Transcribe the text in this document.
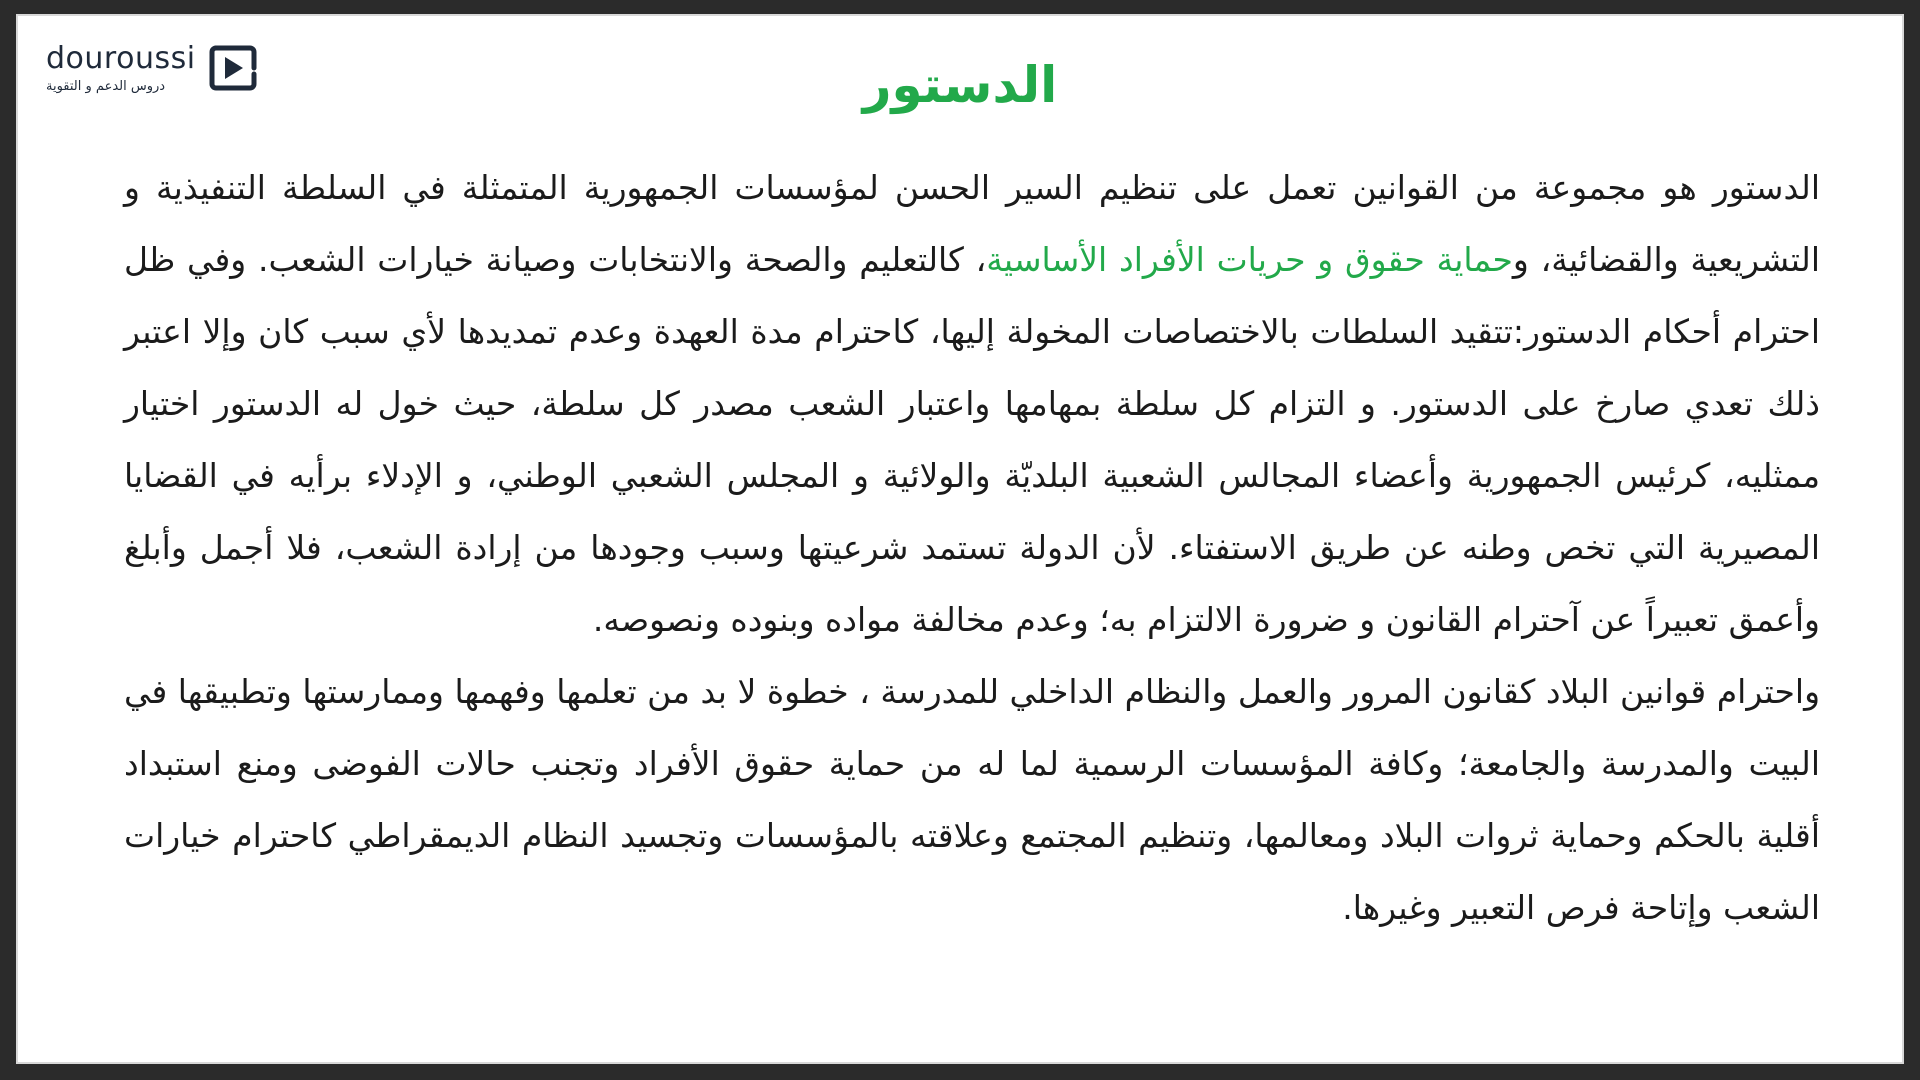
douroussi
دروس الدعم و التقوية	الدستور

الدستور هو مجموعة من القوانين تعمل على تنظيم السير الحسن لمؤسسات الجمهورية المتمثلة في السلطة التنفيذية و التشريعية والقضائية، وحماية حقوق و حريات الأفراد الأساسية، كالتعليم والصحة والانتخابات وصيانة خيارات الشعب. وفي ظل احترام أحكام الدستور:تتقيد السلطات بالاختصاصات المخولة إليها، كاحترام مدة العهدة وعدم تمديدها لأي سبب كان وإلا اعتبر ذلك تعدي صارخ على الدستور. و التزام كل سلطة بمهامها واعتبار الشعب مصدر كل سلطة، حيث خول له الدستور اختيار ممثليه، كرئيس الجمهورية وأعضاء المجالس الشعبية البلديّة والولائية و المجلس الشعبي الوطني، و الإدلاء برأيه في القضايا المصيرية التي تخص وطنه عن طريق الاستفتاء. لأن الدولة تستمد شرعيتها وسبب وجودها من إرادة الشعب، فلا أجمل وأبلغ وأعمق تعبيراً عن آحترام القانون و ضرورة الالتزام به؛ وعدم مخالفة مواده وبنوده ونصوصه.

واحترام قوانين البلاد كقانون المرور والعمل والنظام الداخلي للمدرسة ، خطوة لا بد من تعلمها وفهمها وممارستها وتطبيقها في البيت والمدرسة والجامعة؛ وكافة المؤسسات الرسمية لما له من حماية حقوق الأفراد وتجنب حالات الفوضى ومنع استبداد أقلية بالحكم وحماية ثروات البلاد ومعالمها، وتنظيم المجتمع وعلاقته بالمؤسسات وتجسيد النظام الديمقراطي كاحترام خيارات الشعب وإتاحة فرص التعبير وغيرها.
